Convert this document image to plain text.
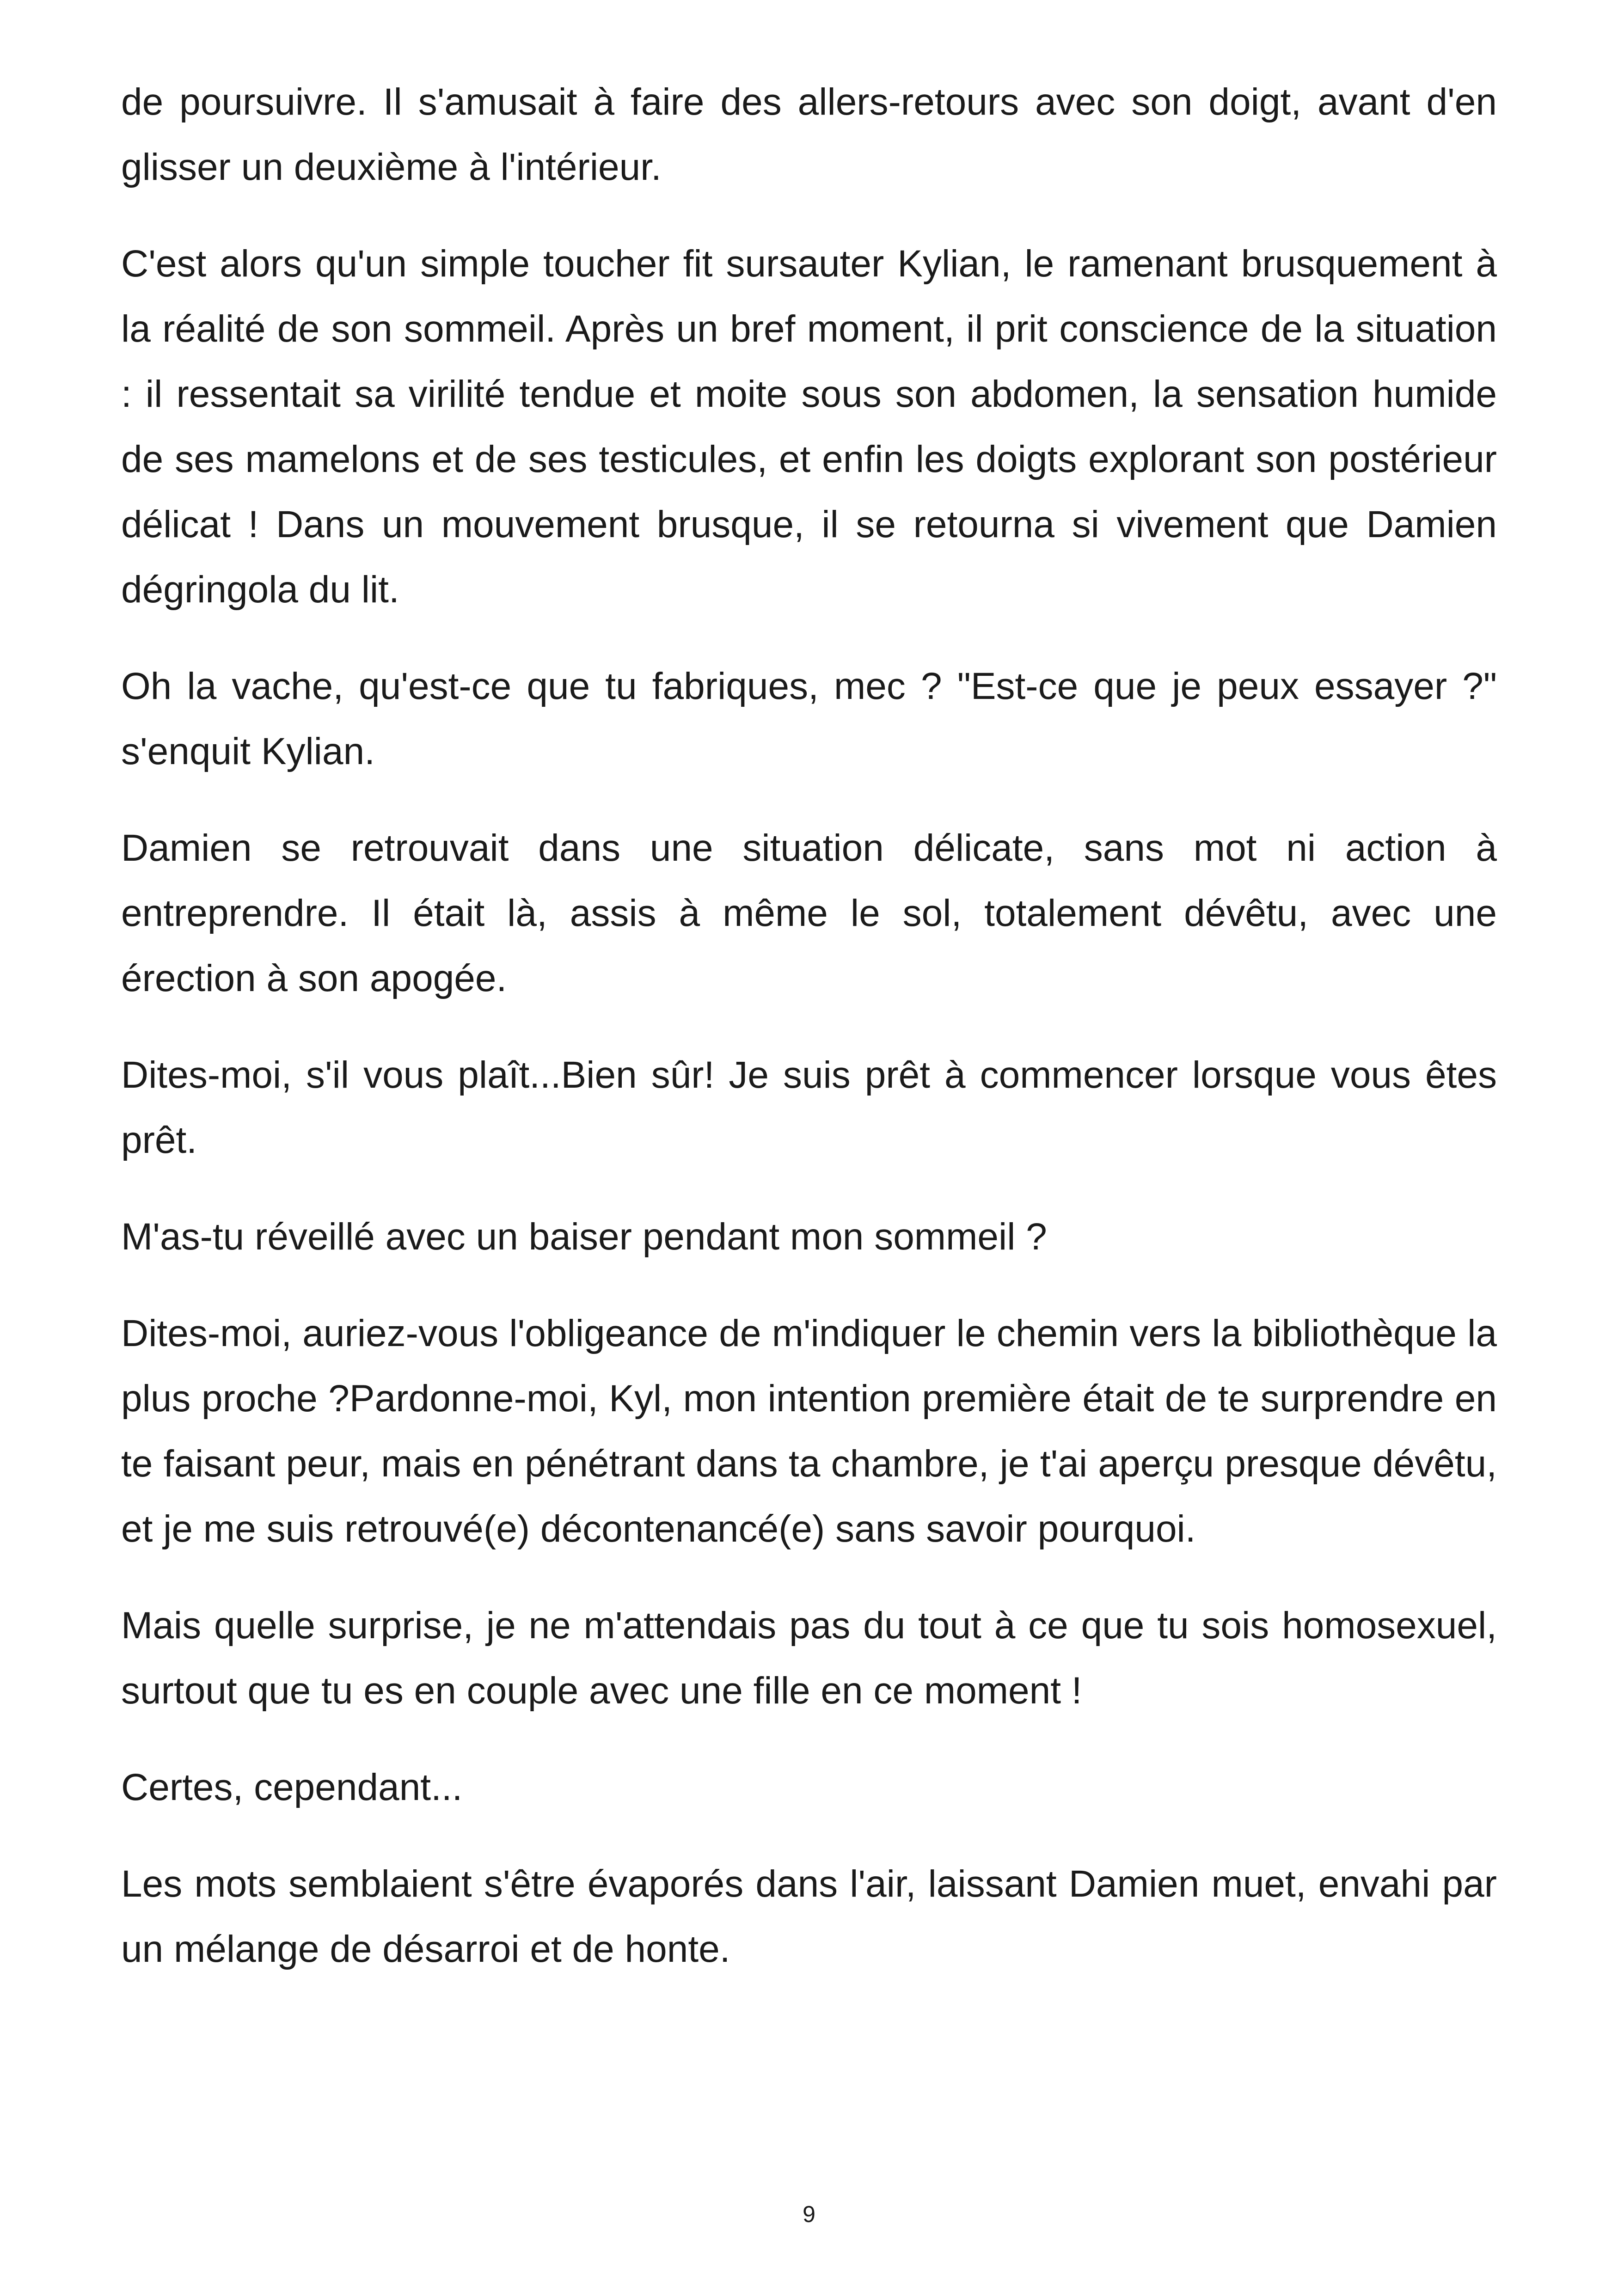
de poursuivre. Il s'amusait à faire des allers-retours avec son doigt, avant d'en glisser un deuxième à l'intérieur.

C'est alors qu'un simple toucher fit sursauter Kylian, le ramenant brusquement à la réalité de son sommeil. Après un bref moment, il prit conscience de la situation : il ressentait sa virilité tendue et moite sous son abdomen, la sensation humide de ses mamelons et de ses testicules, et enfin les doigts explorant son postérieur délicat ! Dans un mouvement brusque, il se retourna si vivement que Damien dégringola du lit.

Oh la vache, qu'est-ce que tu fabriques, mec ? "Est-ce que je peux essayer ?" s'enquit Kylian.

Damien se retrouvait dans une situation délicate, sans mot ni action à entreprendre. Il était là, assis à même le sol, totalement dévêtu, avec une érection à son apogée.

Dites-moi, s'il vous plaît...Bien sûr! Je suis prêt à commencer lorsque vous êtes prêt.

M'as-tu réveillé avec un baiser pendant mon sommeil ?

Dites-moi, auriez-vous l'obligeance de m'indiquer le chemin vers la bibliothèque la plus proche ?Pardonne-moi, Kyl, mon intention première était de te surprendre en te faisant peur, mais en pénétrant dans ta chambre, je t'ai aperçu presque dévêtu, et je me suis retrouvé(e) décontenancé(e) sans savoir pourquoi.

Mais quelle surprise, je ne m'attendais pas du tout à ce que tu sois homosexuel, surtout que tu es en couple avec une fille en ce moment !

Certes, cependant...

Les mots semblaient s'être évaporés dans l'air, laissant Damien muet, envahi par un mélange de désarroi et de honte.

9
